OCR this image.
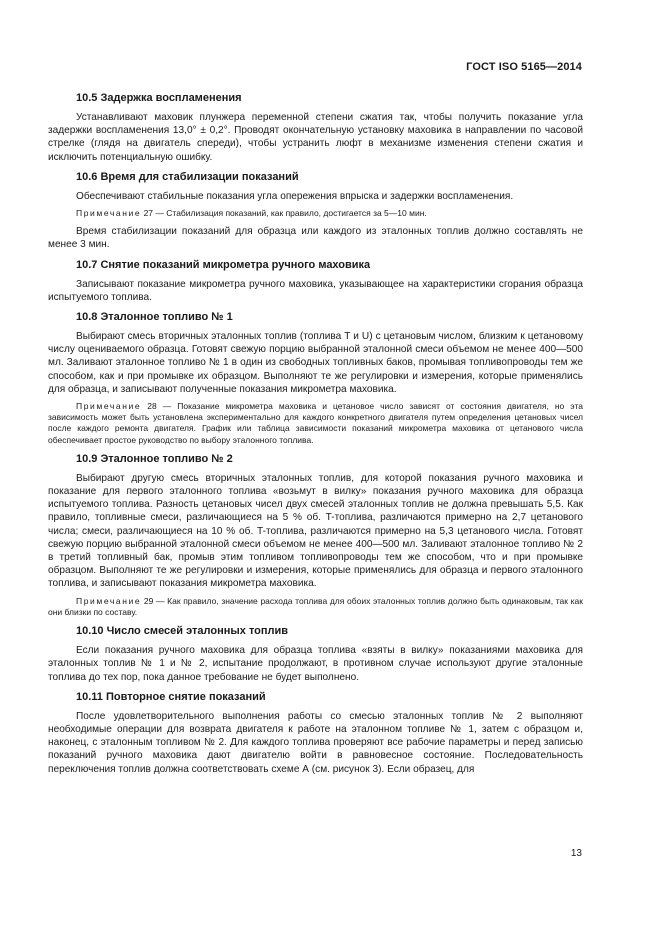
ГОСТ ISO 5165—2014
10.5 Задержка воспламенения

Устанавливают маховик плунжера переменной степени сжатия так, чтобы получить показание угла задержки воспламенения 13,0° ± 0,2°. Проводят окончательную установку маховика в направлении по часовой стрелке (глядя на двигатель спереди), чтобы устранить люфт в механизме изменения степени сжатия и исключить потенциальную ошибку.

10.6 Время для стабилизации показаний

Обеспечивают стабильные показания угла опережения впрыска и задержки воспламенения.

Примечание 27 — Стабилизация показаний, как правило, достигается за 5—10 мин.

Время стабилизации показаний для образца или каждого из эталонных топлив должно составлять не менее 3 мин.

10.7 Снятие показаний микрометра ручного маховика

Записывают показание микрометра ручного маховика, указывающее на характеристики сгорания образца испытуемого топлива.

10.8 Эталонное топливо № 1

Выбирают смесь вторичных эталонных топлив (топлива T и U) с цетановым числом, близким к цетановому числу оцениваемого образца. Готовят свежую порцию выбранной эталонной смеси объемом не менее 400—500 мл. Заливают эталонное топливо № 1 в один из свободных топливных баков, промывая топливопроводы тем же способом, как и при промывке их образцом. Выполняют те же регулировки и измерения, которые применялись для образца, и записывают полученные показания микрометра маховика.

Примечание 28 — Показание микрометра маховика и цетановое число зависят от состояния двигателя, но эта зависимость может быть установлена экспериментально для каждого конкретного двигателя путем определения цетановых чисел после каждого ремонта двигателя. График или таблица зависимости показаний микрометра маховика от цетанового числа обеспечивает простое руководство по выбору эталонного топлива.

10.9 Эталонное топливо № 2

Выбирают другую смесь вторичных эталонных топлив, для которой показания ручного маховика и показание для первого эталонного топлива «возьмут в вилку» показания ручного маховика для образца испытуемого топлива. Разность цетановых чисел двух смесей эталонных топлив не должна превышать 5,5. Как правило, топливные смеси, различающиеся на 5 % об. T-топлива, различаются примерно на 2,7 цетанового числа; смеси, различающиеся на 10 % об. T-топлива, различаются примерно на 5,3 цетанового числа. Готовят свежую порцию выбранной эталонной смеси объемом не менее 400—500 мл. Заливают эталонное топливо № 2 в третий топливный бак, промыв этим топливом топливопроводы тем же способом, что и при промывке образцом. Выполняют те же регулировки и измерения, которые применялись для образца и первого эталонного топлива, и записывают показания микрометра маховика.

Примечание 29 — Как правило, значение расхода топлива для обоих эталонных топлив должно быть одинаковым, так как они близки по составу.

10.10 Число смесей эталонных топлив

Если показания ручного маховика для образца топлива «взяты в вилку» показаниями маховика для эталонных топлив № 1 и № 2, испытание продолжают, в противном случае используют другие эталонные топлива до тех пор, пока данное требование не будет выполнено.

10.11 Повторное снятие показаний

После удовлетворительного выполнения работы со смесью эталонных топлив № 2 выполняют необходимые операции для возврата двигателя к работе на эталонном топливе № 1, затем с образцом и, наконец, с эталонным топливом № 2. Для каждого топлива проверяют все рабочие параметры и перед записью показаний ручного маховика дают двигателю войти в равновесное состояние. Последовательность переключения топлив должна соответствовать схеме А (см. рисунок 3). Если образец, для

13
